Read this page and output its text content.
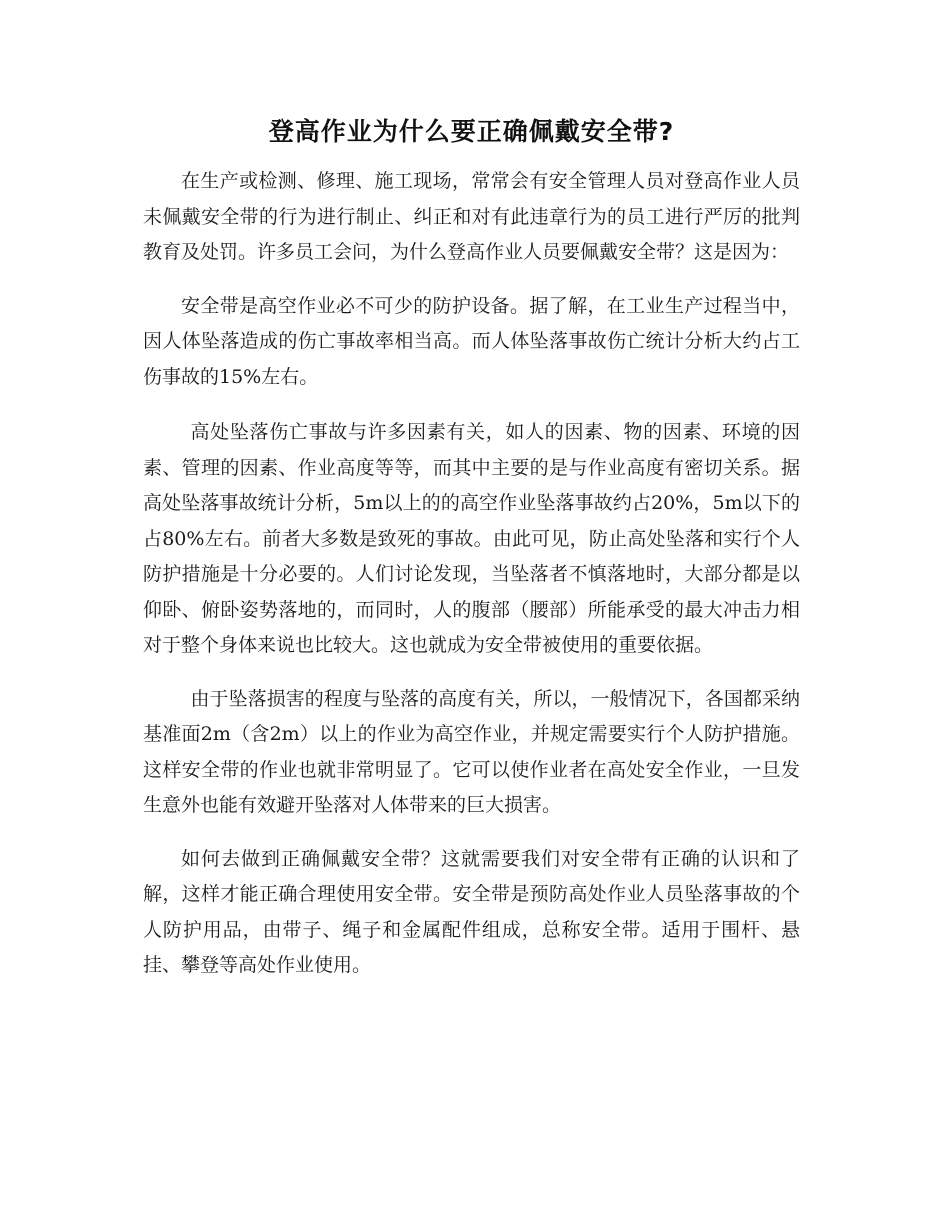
登高作业为什么要正确佩戴安全带?

在生产或检测、修理、施工现场，常常会有安全管理人员对登高作业人员未佩戴安全带的行为进行制止、纠正和对有此违章行为的员工进行严厉的批判教育及处罚。许多员工会问，为什么登高作业人员要佩戴安全带？这是因为：

安全带是高空作业必不可少的防护设备。据了解，在工业生产过程当中，因人体坠落造成的伤亡事故率相当高。而人体坠落事故伤亡统计分析大约占工伤事故的15%左右。

高处坠落伤亡事故与许多因素有关，如人的因素、物的因素、环境的因素、管理的因素、作业高度等等，而其中主要的是与作业高度有密切关系。据高处坠落事故统计分析，5m以上的的高空作业坠落事故约占20%，5m以下的占80%左右。前者大多数是致死的事故。由此可见，防止高处坠落和实行个人防护措施是十分必要的。人们讨论发现，当坠落者不慎落地时，大部分都是以仰卧、俯卧姿势落地的，而同时，人的腹部（腰部）所能承受的最大冲击力相对于整个身体来说也比较大。这也就成为安全带被使用的重要依据。

由于坠落损害的程度与坠落的高度有关，所以，一般情况下，各国都采纳基准面2m（含2m）以上的作业为高空作业，并规定需要实行个人防护措施。这样安全带的作业也就非常明显了。它可以使作业者在高处安全作业，一旦发生意外也能有效避开坠落对人体带来的巨大损害。

如何去做到正确佩戴安全带？这就需要我们对安全带有正确的认识和了解，这样才能正确合理使用安全带。安全带是预防高处作业人员坠落事故的个人防护用品，由带子、绳子和金属配件组成，总称安全带。适用于围杆、悬挂、攀登等高处作业使用。
